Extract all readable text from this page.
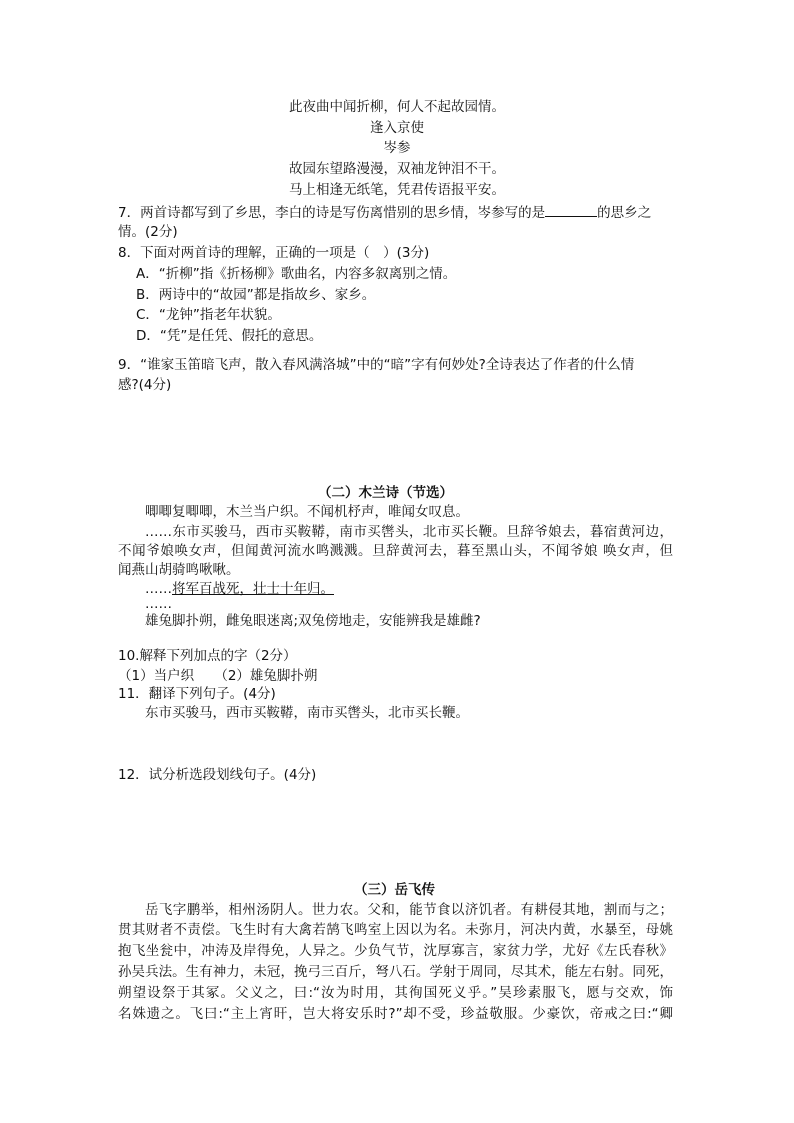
此夜曲中闻折柳，何人不起故园情。
逢入京使
岑参
故园东望路漫漫，双袖龙钟泪不干。
马上相逢无纸笔，凭君传语报平安。
7．两首诗都写到了乡思，李白的诗是写伤离惜别的思乡情，岑参写的是	的思乡之
情。(2分)
8．下面对两首诗的理解，正确的一项是（　）(3分)
A．“折柳”指《折杨柳》歌曲名，内容多叙离别之情。
B．两诗中的“故园”都是指故乡、家乡。
C．“龙钟”指老年状貌。
D．“凭”是任凭、假托的意思。
9．“谁家玉笛暗飞声，散入春风满洛城”中的“暗”字有何妙处?全诗表达了作者的什么情
感?(4分)
（二）木兰诗（节选）
唧唧复唧唧，木兰当户织。不闻机杼声，唯闻女叹息。
……东市买骏马，西市买鞍鞯，南市买辔头，北市买长鞭。旦辞爷娘去，暮宿黄河边，
不闻爷娘唤女声，但闻黄河流水鸣溅溅。旦辞黄河去，暮至黑山头，不闻爷娘 唤女声，但
闻燕山胡骑鸣啾啾。
……将军百战死，壮士十年归。
……
雄兔脚扑朔，雌兔眼迷离;双兔傍地走，安能辨我是雄雌?
10.解释下列加点的字（2分）
（1）当户织　　（2）雄兔脚扑朔
11．翻译下列句子。(4分)
东市买骏马，西市买鞍鞯，南市买辔头，北市买长鞭。
12．试分析选段划线句子。(4分)
（三）岳飞传
岳飞字鹏举，相州汤阴人。世力农。父和，能节食以济饥者。有耕侵其地，割而与之；
贯其财者不责偿。飞生时有大禽若鹄飞鸣室上因以为名。未弥月，河决内黄，水暴至，母姚
抱飞坐瓮中，冲涛及岸得免，人异之。少负气节，沈厚寡言，家贫力学，尤好《左氏春秋》
孙吴兵法。生有神力，未冠，挽弓三百斤，弩八石。学射于周同，尽其术，能左右射。同死，
朔望设祭于其冢。父义之，曰:“汝为时用，其徇国死义乎。”吴珍素服飞，愿与交欢，饰
名姝遗之。飞曰:“主上宵旰，岂大将安乐时?”却不受，珍益敬服。少豪饮，帝戒之曰:“卿
